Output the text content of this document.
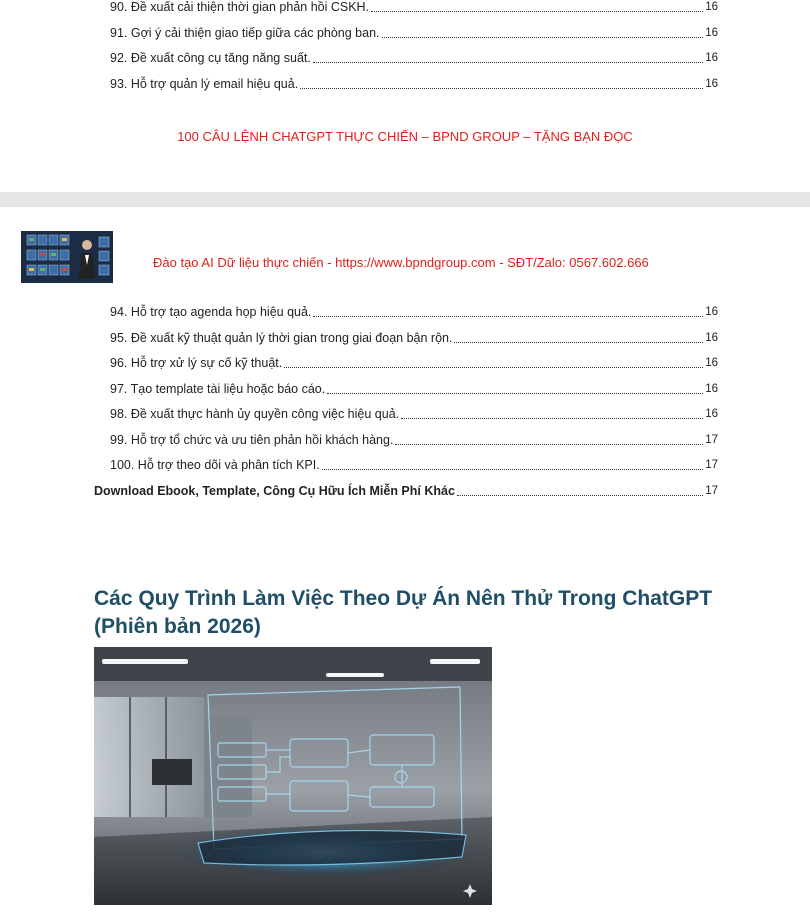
90. Đề xuất cải thiện thời gian phản hồi CSKH.	16
91. Gợi ý cải thiện giao tiếp giữa các phòng ban.	16
92. Đề xuất công cụ tăng năng suất.	16
93. Hỗ trợ quản lý email hiệu quả.	16
100 CÂU LỆNH CHATGPT THỰC CHIẾN – BPND GROUP – TẶNG BẠN ĐỌC
Đào tạo AI Dữ liệu thực chiến - https://www.bpndgroup.com - SĐT/Zalo: 0567.602.666
94. Hỗ trợ tạo agenda họp hiệu quả.	16
95. Đề xuất kỹ thuật quản lý thời gian trong giai đoạn bận rộn.	16
96. Hỗ trợ xử lý sự cố kỹ thuật.	16
97. Tạo template tài liệu hoặc báo cáo.	16
98. Đề xuất thực hành ủy quyền công việc hiệu quả.	16
99. Hỗ trợ tổ chức và ưu tiên phản hồi khách hàng.	17
100. Hỗ trợ theo dõi và phân tích KPI.	17
Download Ebook, Template, Công Cụ Hữu Ích Miễn Phí Khác	17
Các Quy Trình Làm Việc Theo Dự Án Nên Thử Trong ChatGPT (Phiên bản 2026)
